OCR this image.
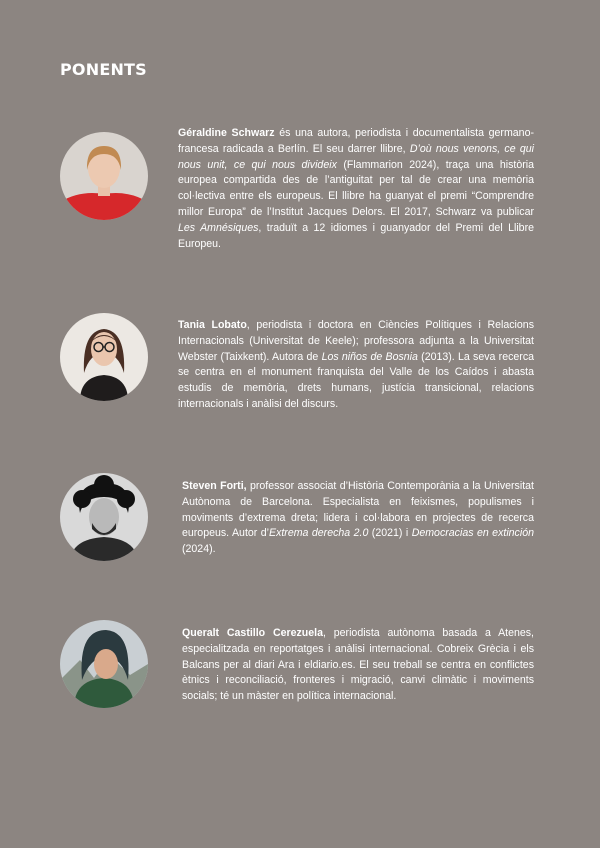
PONENTS

Géraldine Schwarz és una autora, periodista i documentalista germano-francesa radicada a Berlín. El seu darrer llibre, D’où nous venons, ce qui nous unit, ce qui nous divideix (Flammarion 2024), traça una història europea compartida des de l’antiguitat per tal de crear una memòria col·lectiva entre els europeus. El llibre ha guanyat el premi “Comprendre millor Europa” de l’Institut Jacques Delors. El 2017, Schwarz va publicar Les Amnésiques, traduït a 12 idiomes i guanyador del Premi del Llibre Europeu.

Tania Lobato, periodista i doctora en Ciències Polítiques i Relacions Internacionals (Universitat de Keele); professora adjunta a la Universitat Webster (Taixkent). Autora de Los niños de Bosnia (2013). La seva recerca se centra en el monument franquista del Valle de los Caídos i abasta estudis de memòria, drets humans, justícia transicional, relacions internacionals i anàlisi del discurs.

Steven Forti, professor associat d’Història Contemporània a la Universitat Autònoma de Barcelona. Especialista en feixismes, populismes i moviments d’extrema dreta; lidera i col·labora en projectes de recerca europeus. Autor d’Extrema derecha 2.0 (2021) i Democracias en extinción (2024).

Queralt Castillo Cerezuela, periodista autònoma basada a Atenes, especialitzada en reportatges i anàlisi internacional. Cobreix Grècia i els Balcans per al diari Ara i eldiario.es. El seu treball se centra en conflictes ètnics i reconciliació, fronteres i migració, canvi climàtic i moviments socials; té un màster en política internacional.
